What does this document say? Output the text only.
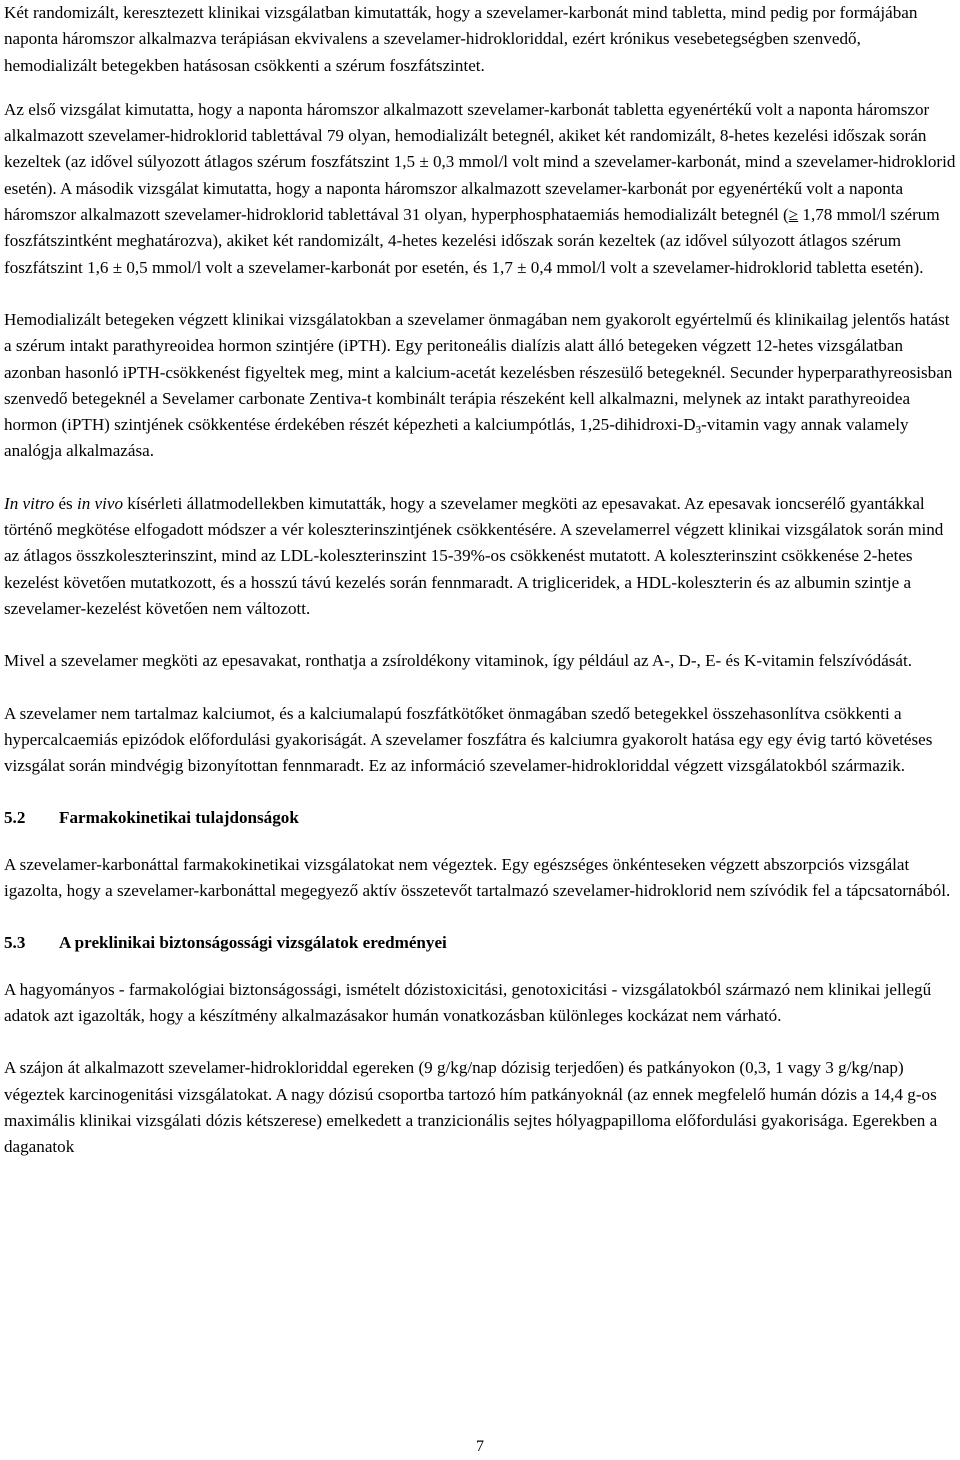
Két randomizált, keresztezett klinikai vizsgálatban kimutatták, hogy a szevelamer-karbonát mind tabletta, mind pedig por formájában naponta háromszor alkalmazva terápiásan ekvivalens a szevelamer-hidrokloriddal, ezért krónikus vesebetegségben szenvedő, hemodializált betegekben hatásosan csökkenti a szérum foszfátszintet.

Az első vizsgálat kimutatta, hogy a naponta háromszor alkalmazott szevelamer-karbonát tabletta egyenértékű volt a naponta háromszor alkalmazott szevelamer-hidroklorid tablettával 79 olyan, hemodializált betegnél, akiket két randomizált, 8-hetes kezelési időszak során kezeltek (az idővel súlyozott átlagos szérum foszfátszint 1,5 ± 0,3 mmol/l volt mind a szevelamer-karbonát, mind a szevelamer-hidroklorid esetén). A második vizsgálat kimutatta, hogy a naponta háromszor alkalmazott szevelamer-karbonát por egyenértékű volt a naponta háromszor alkalmazott szevelamer-hidroklorid tablettával 31 olyan, hyperphosphataemiás hemodializált betegnél (≥ 1,78 mmol/l szérum foszfátszintként meghatározva), akiket két randomizált, 4-hetes kezelési időszak során kezeltek (az idővel súlyozott átlagos szérum foszfátszint 1,6 ± 0,5 mmol/l volt a szevelamer-karbonát por esetén, és 1,7 ± 0,4 mmol/l volt a szevelamer-hidroklorid tabletta esetén).

Hemodializált betegeken végzett klinikai vizsgálatokban a szevelamer önmagában nem gyakorolt egyértelmű és klinikailag jelentős hatást a szérum intakt parathyreoidea hormon szintjére (iPTH). Egy peritoneális dialízis alatt álló betegeken végzett 12-hetes vizsgálatban azonban hasonló iPTH-csökkenést figyeltek meg, mint a kalcium-acetát kezelésben részesülő betegeknél. Secunder hyperparathyreosisban szenvedő betegeknél a Sevelamer carbonate Zentiva-t kombinált terápia részeként kell alkalmazni, melynek az intakt parathyreoidea hormon (iPTH) szintjének csökkentése érdekében részét képezheti a kalciumpótlás, $1,25-dihidroxi-D_3$-vitamin vagy annak valamely analógja alkalmazása.

In vitro és in vivo kísérleti állatmodellekben kimutatták, hogy a szevelamer megköti az epesavakat. Az epesavak ioncserélő gyantákkal történő megkötése elfogadott módszer a vér koleszterinszintjének csökkentésére. A szevelamerrel végzett klinikai vizsgálatok során mind az átlagos összkoleszterinszint, mind az LDL-koleszterinszint 15-39%-os csökkenést mutatott. A koleszterinszint csökkenése 2-hetes kezelést követően mutatkozott, és a hosszú távú kezelés során fennmaradt. A trigliceridek, a HDL-koleszterin és az albumin szintje a szevelamer-kezelést követően nem változott.

Mivel a szevelamer megköti az epesavakat, ronthatja a zsíroldékony vitaminok, így például az A-, D-, E- és K-vitamin felszívódását.

A szevelamer nem tartalmaz kalciumot, és a kalciumalapú foszfátkötőket önmagában szedő betegekkel összehasonlítva csökkenti a hypercalcaemiás epizódok előfordulási gyakoriságát. A szevelamer foszfátra és kalciumra gyakorolt hatása egy egy évig tartó követéses vizsgálat során mindvégig bizonyítottan fennmaradt. Ez az információ szevelamer-hidrokloriddal végzett vizsgálatokból származik.

5.2 Farmakokinetikai tulajdonságok

A szevelamer-karbonáttal farmakokinetikai vizsgálatokat nem végeztek. Egy egészséges önkénteseken végzett abszorpciós vizsgálat igazolta, hogy a szevelamer-karbonáttal megegyező aktív összetevőt tartalmazó szevelamer-hidroklorid nem szívódik fel a tápcsatornából.

5.3 A preklinikai biztonságossági vizsgálatok eredményei

A hagyományos - farmakológiai biztonságossági, ismételt dózistoxicitási, genotoxicitási - vizsgálatokból származó nem klinikai jellegű adatok azt igazolták, hogy a készítmény alkalmazásakor humán vonatkozásban különleges kockázat nem várható.

A szájon át alkalmazott szevelamer-hidrokloriddal egereken (9 g/kg/nap dózisig terjedően) és patkányokon (0,3, 1 vagy 3 g/kg/nap) végeztek karcinogenitási vizsgálatokat. A nagy dózisú csoportba tartozó hím patkányoknál (az ennek megfelelő humán dózis a 14,4 g-os maximális klinikai vizsgálati dózis kétszerese) emelkedett a tranzicionális sejtes hólyagpapilloma előfordulási gyakorisága. Egerekben a daganatok

7
